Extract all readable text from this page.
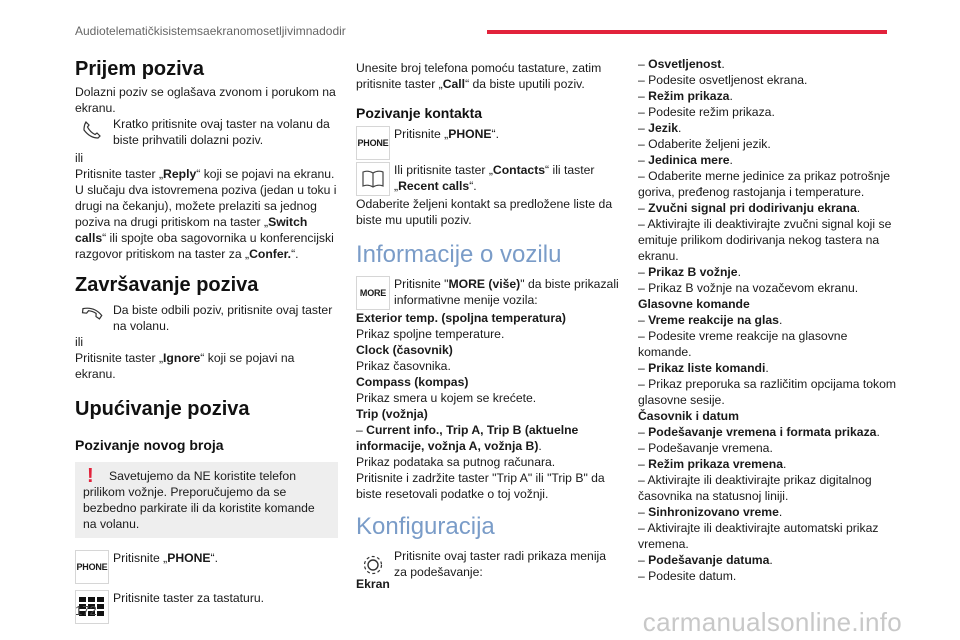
Audiotelematičkisistemsaekranomosetljivimnadodir
Prijem poziva

Dolazni poziv se oglašava zvonom i porukom na ekranu.

Kratko pritisnite ovaj taster na volanu da biste prihvatili dolazni poziv.

ili

Pritisnite taster „Reply“ koji se pojavi na ekranu.

U slučaju dva istovremena poziva (jedan u toku i drugi na čekanju), možete prelaziti sa jednog poziva na drugi pritiskom na taster „Switch calls“ ili spojte oba sagovornika u konferencijski razgovor pritiskom na taster za „Confer.“.

Završavanje poziva

Da biste odbili poziv, pritisnite ovaj taster na volanu.

ili

Pritisnite taster „Ignore“ koji se pojavi na ekranu.

Upućivanje poziva
Pozivanje novog broja
!	Savetujemo da NE koristite telefon prilikom vožnje. Preporučujemo da se bezbedno parkirate ili da koristite komande na volanu.

PHONE

Pritisnite „PHONE“.

Pritisnite taster za tastaturu.

Unesite broj telefona pomoću tastature, zatim pritisnite taster „Call“ da biste uputili poziv.

Pozivanje kontakta
PHONE

Pritisnite „PHONE“.

Ili pritisnite taster „Contacts“ ili taster „Recent calls“.

Odaberite željeni kontakt sa predložene liste da biste mu uputili poziv.

Informacije o vozilu
MORE

Pritisnite "MORE (više)" da biste prikazali informativne menije vozila:

Exterior temp. (spoljna temperatura)

Prikaz spoljne temperature.

Clock (časovnik)

Prikaz časovnika.

Compass (kompas)

Prikaz smera u kojem se krećete.

Trip (vožnja)

– Current info., Trip A, Trip B (aktuelne informacije, vožnja A, vožnja B).

Prikaz podataka sa putnog računara.

Pritisnite i zadržite taster "Trip A" ili "Trip B" da biste resetovali podatke o toj vožnji.

Konfiguracija

Pritisnite ovaj taster radi prikaza menija za podešavanje:

Ekran

– Osvetljenost.

– Podesite osvetljenost ekrana.

– Režim prikaza.

– Podesite režim prikaza.

– Jezik.

– Odaberite željeni jezik.

– Jedinica mere.

– Odaberite merne jedinice za prikaz potrošnje goriva, pređenog rastojanja i temperature.

– Zvučni signal pri dodirivanju ekrana.

– Aktivirajte ili deaktivirajte zvučni signal koji se emituje prilikom dodirivanja nekog tastera na ekranu.

– Prikaz B vožnje.

– Prikaz B vožnje na vozačevom ekranu.

Glasovne komande

– Vreme reakcije na glas.

– Podesite vreme reakcije na glasovne komande.

– Prikaz liste komandi.

– Prikaz preporuka sa različitim opcijama tokom glasovne sesije.

Časovnik i datum

– Podešavanje vremena i formata prikaza.

– Podešavanje vremena.

– Režim prikaza vremena.

– Aktivirajte ili deaktivirajte prikaz digitalnog časovnika na statusnoj liniji.

– Sinhronizovano vreme.

– Aktivirajte ili deaktivirajte automatski prikaz vremena.

– Podešavanje datuma.

– Podesite datum.

172	carmanualsonline.info
